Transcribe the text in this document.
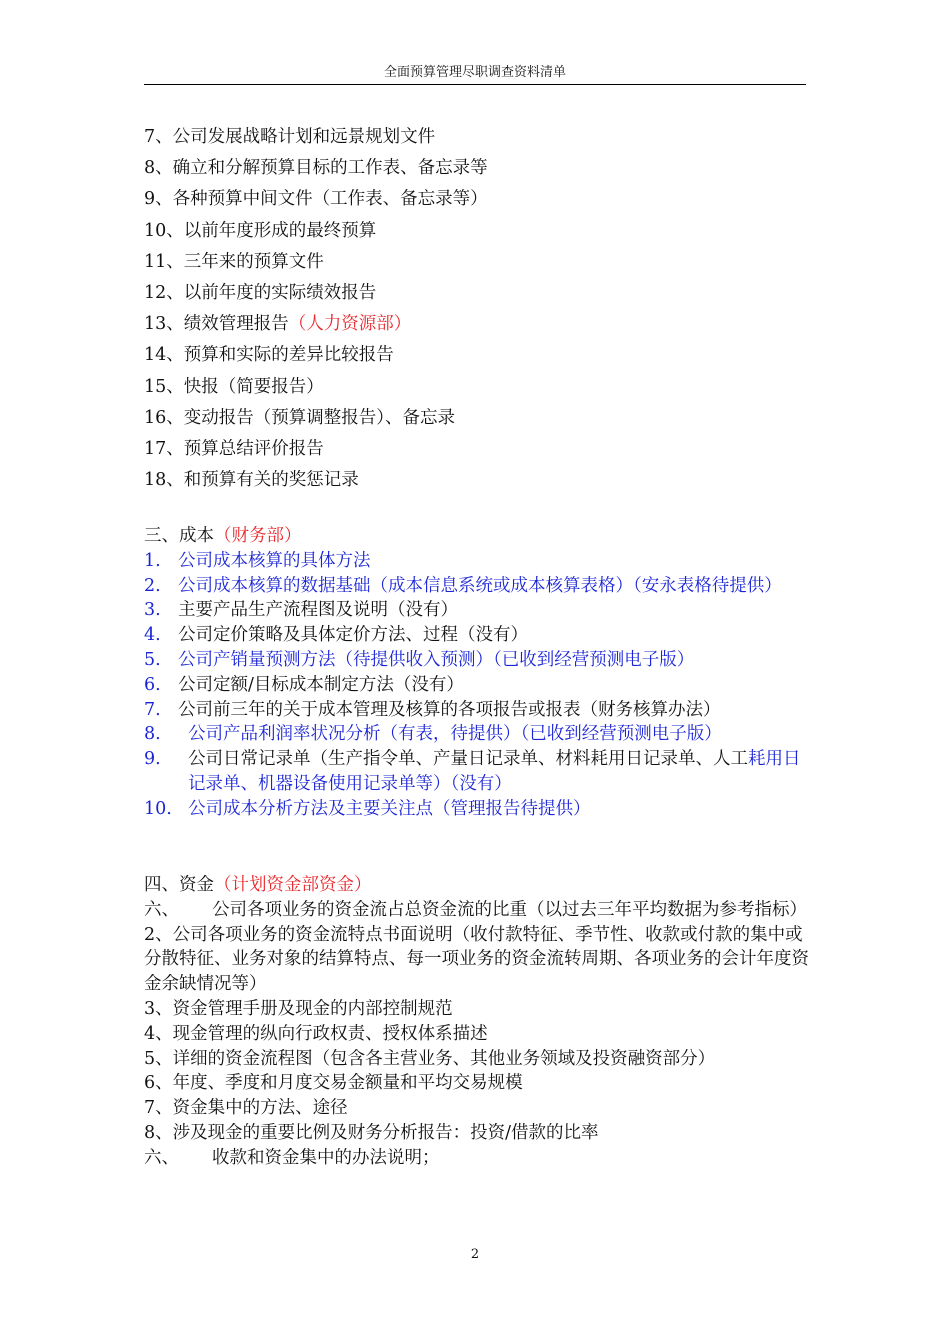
全面预算管理尽职调查资料清单
7、公司发展战略计划和远景规划文件
8、确立和分解预算目标的工作表、备忘录等
9、各种预算中间文件（工作表、备忘录等）
10、以前年度形成的最终预算
11、三年来的预算文件
12、以前年度的实际绩效报告
13、绩效管理报告（人力资源部）
14、预算和实际的差异比较报告
15、快报（简要报告）
16、变动报告（预算调整报告）、备忘录
17、预算总结评价报告
18、和预算有关的奖惩记录
三、成本（财务部）
1. 公司成本核算的具体方法
2. 公司成本核算的数据基础（成本信息系统或成本核算表格）（安永表格待提供）
3. 主要产品生产流程图及说明（没有）
4. 公司定价策略及具体定价方法、过程（没有）
5. 公司产销量预测方法（待提供收入预测）（已收到经营预测电子版）
6. 公司定额/目标成本制定方法（没有）
7. 公司前三年的关于成本管理及核算的各项报告或报表（财务核算办法）
8.	公司产品利润率状况分析（有表，待提供）（已收到经营预测电子版）
9.	公司日常记录单（生产指令单、产量日记录单、材料耗用日记录单、人工耗用日记录单、机器设备使用记录单等）（没有）
10. 公司成本分析方法及主要关注点（管理报告待提供）
四、资金（计划资金部资金）
六、	公司各项业务的资金流占总资金流的比重（以过去三年平均数据为参考指标）
2、公司各项业务的资金流特点书面说明（收付款特征、季节性、收款或付款的集中或分散特征、业务对象的结算特点、每一项业务的资金流转周期、各项业务的会计年度资金余缺情况等）
3、资金管理手册及现金的内部控制规范
4、现金管理的纵向行政权责、授权体系描述
5、详细的资金流程图（包含各主营业务、其他业务领域及投资融资部分）
6、年度、季度和月度交易金额量和平均交易规模
7、资金集中的方法、途径
8、涉及现金的重要比例及财务分析报告：投资/借款的比率
六、	收款和资金集中的办法说明；
2
